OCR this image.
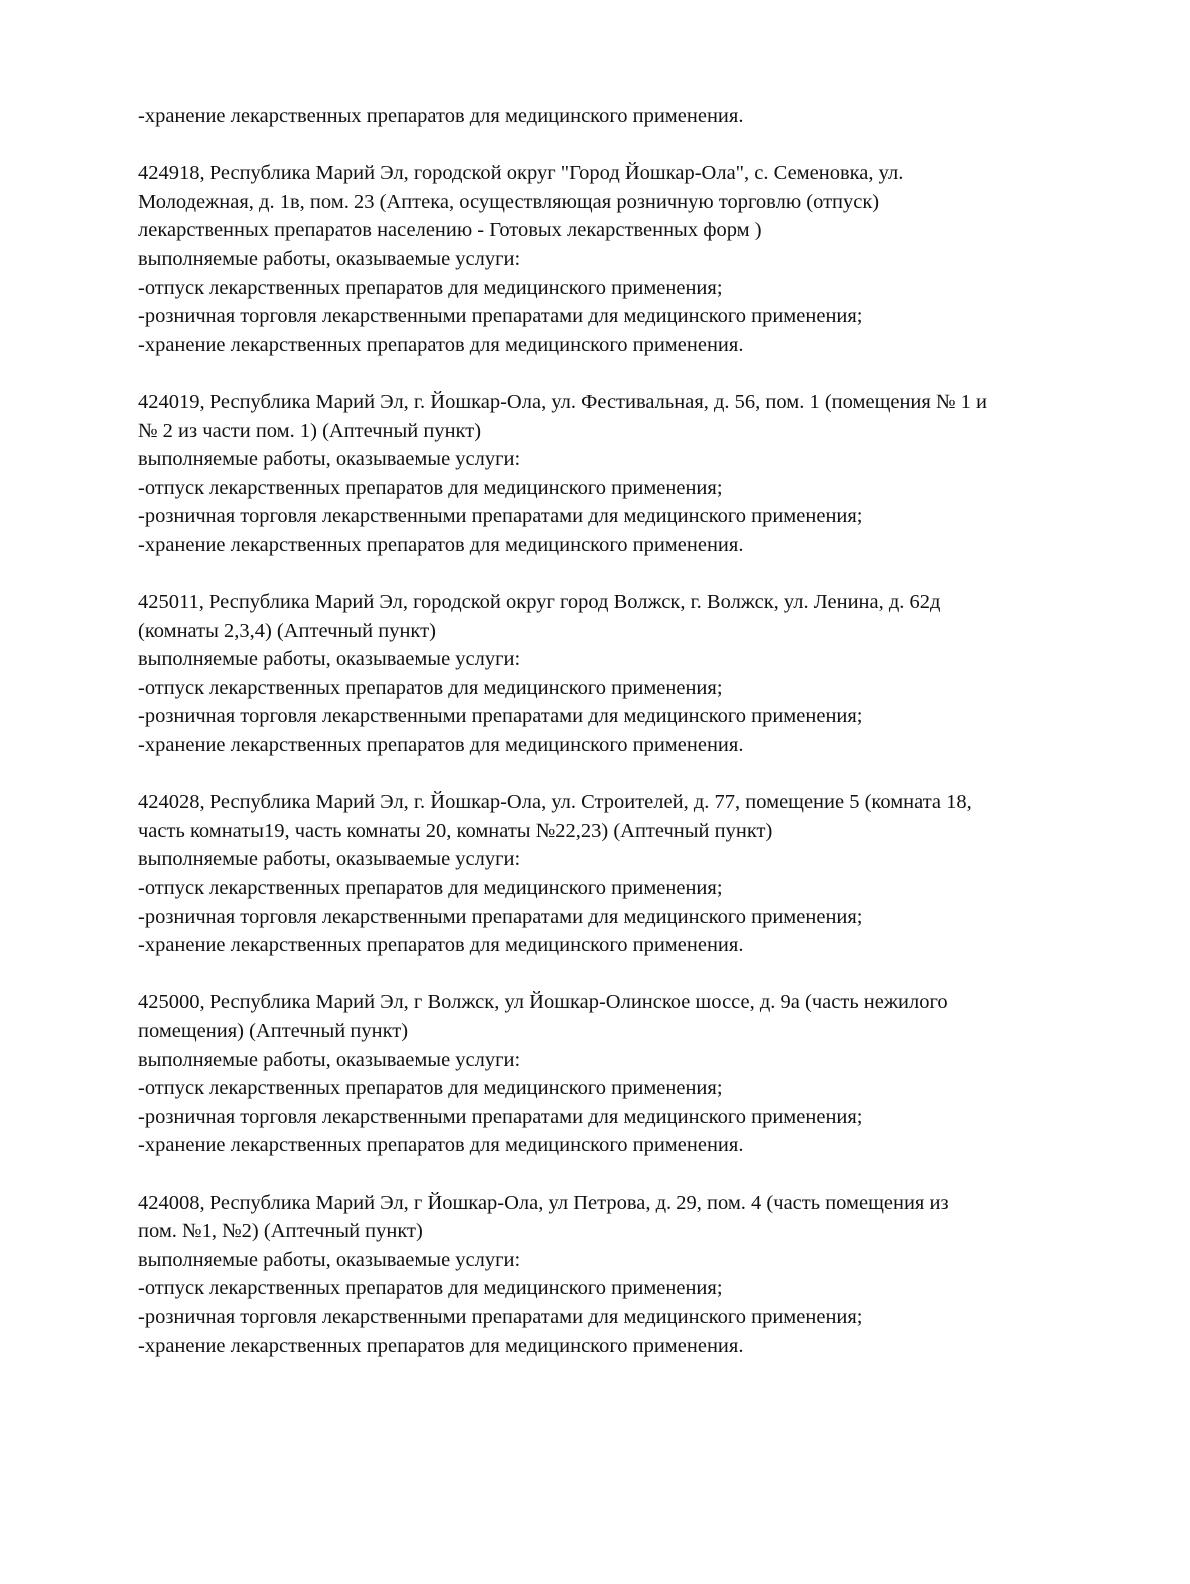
-хранение лекарственных препаратов для медицинского применения.
424918, Республика Марий Эл, городской округ "Город Йошкар-Ола", с. Семеновка, ул.
Молодежная, д. 1в, пом. 23 (Аптека, осуществляющая розничную торговлю (отпуск)
лекарственных препаратов населению - Готовых лекарственных форм )
выполняемые работы, оказываемые услуги:
-отпуск лекарственных препаратов для медицинского применения;
-розничная торговля лекарственными препаратами для медицинского применения;
-хранение лекарственных препаратов для медицинского применения.
424019, Республика Марий Эл, г. Йошкар-Ола, ул. Фестивальная, д. 56, пом. 1 (помещения № 1 и
№ 2 из части пом. 1) (Аптечный пункт)
выполняемые работы, оказываемые услуги:
-отпуск лекарственных препаратов для медицинского применения;
-розничная торговля лекарственными препаратами для медицинского применения;
-хранение лекарственных препаратов для медицинского применения.
425011, Республика Марий Эл, городской округ город Волжск, г. Волжск, ул. Ленина, д. 62д
(комнаты 2,3,4) (Аптечный пункт)
выполняемые работы, оказываемые услуги:
-отпуск лекарственных препаратов для медицинского применения;
-розничная торговля лекарственными препаратами для медицинского применения;
-хранение лекарственных препаратов для медицинского применения.
424028, Республика Марий Эл, г. Йошкар-Ола, ул. Строителей, д. 77, помещение 5 (комната 18,
часть комнаты19, часть комнаты 20, комнаты №22,23) (Аптечный пункт)
выполняемые работы, оказываемые услуги:
-отпуск лекарственных препаратов для медицинского применения;
-розничная торговля лекарственными препаратами для медицинского применения;
-хранение лекарственных препаратов для медицинского применения.
425000, Республика Марий Эл, г Волжск, ул Йошкар-Олинское шоссе, д. 9а (часть нежилого
помещения) (Аптечный пункт)
выполняемые работы, оказываемые услуги:
-отпуск лекарственных препаратов для медицинского применения;
-розничная торговля лекарственными препаратами для медицинского применения;
-хранение лекарственных препаратов для медицинского применения.
424008, Республика Марий Эл, г Йошкар-Ола, ул Петрова, д. 29, пом. 4 (часть помещения из
пом. №1, №2) (Аптечный пункт)
выполняемые работы, оказываемые услуги:
-отпуск лекарственных препаратов для медицинского применения;
-розничная торговля лекарственными препаратами для медицинского применения;
-хранение лекарственных препаратов для медицинского применения.
